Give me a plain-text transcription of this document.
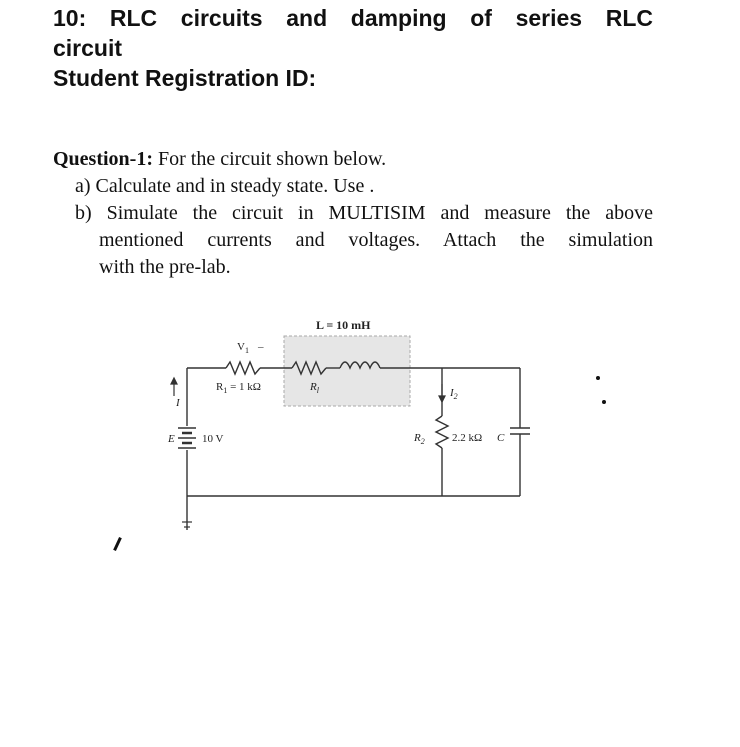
10: RLC circuits and damping of series RLC
circuit
Student Registration ID:
Question-1: For the circuit shown below.
a) Calculate and in steady state. Use .
b) Simulate the circuit in MULTISIM and measure the above
mentioned currents and voltages. Attach the simulation
with the pre-lab.
L = 10 mH
$V_1$ –
$R_1 = 1$ kΩ	$R_l$
I
$I_2$
E 10 V	$R_2$ 2.2 kΩ C
